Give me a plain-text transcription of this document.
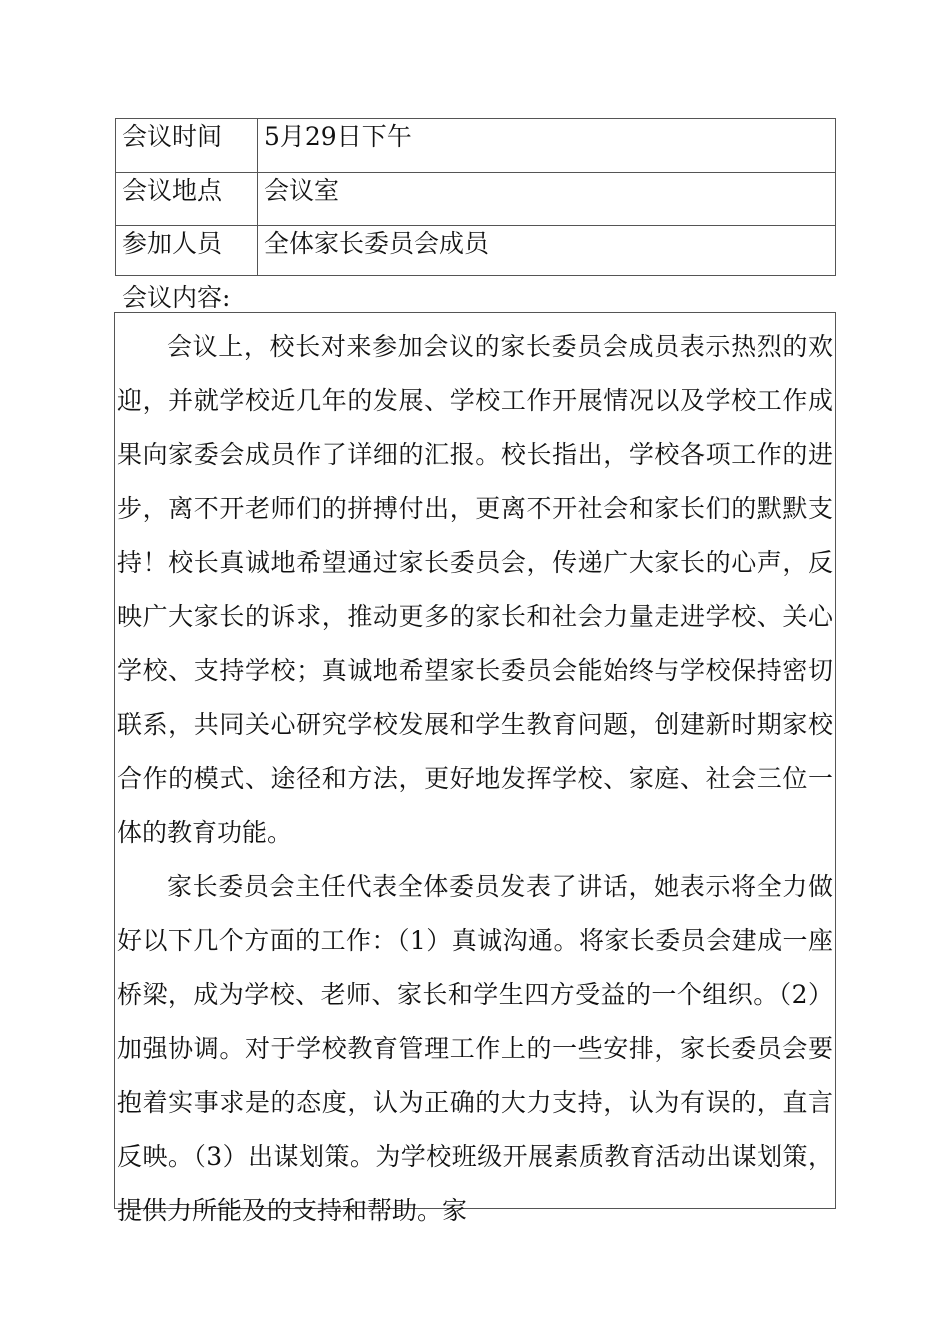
会议时间	5月29日下午
会议地点	会议室
参加人员	全体家长委员会成员
会议内容:

会议上，校长对来参加会议的家长委员会成员表示热烈的欢迎，并就学校近几年的发展、学校工作开展情况以及学校工作成果向家委会成员作了详细的汇报。校长指出，学校各项工作的进步，离不开老师们的拼搏付出，更离不开社会和家长们的默默支持！校长真诚地希望通过家长委员会，传递广大家长的心声，反映广大家长的诉求，推动更多的家长和社会力量走进学校、关心学校、支持学校；真诚地希望家长委员会能始终与学校保持密切联系，共同关心研究学校发展和学生教育问题，创建新时期家校合作的模式、途径和方法，更好地发挥学校、家庭、社会三位一体的教育功能。

家长委员会主任代表全体委员发表了讲话，她表示将全力做好以下几个方面的工作：（1）真诚沟通。将家长委员会建成一座桥梁，成为学校、老师、家长和学生四方受益的一个组织。（2）加强协调。对于学校教育管理工作上的一些安排，家长委员会要抱着实事求是的态度，认为正确的大力支持，认为有误的，直言反映。（3）出谋划策。为学校班级开展素质教育活动出谋划策，提供力所能及的支持和帮助。家
